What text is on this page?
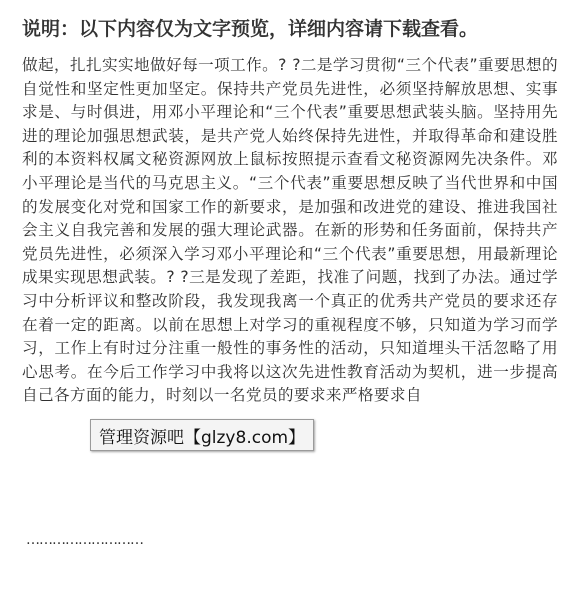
说明：以下内容仅为文字预览，详细内容请下载查看。
做起，扎扎实实地做好每一项工作。? ?二是学习贯彻“三个代表”重要思想的自觉性和坚定性更加坚定。保持共产党员先进性，必须坚持解放思想、实事求是、与时俱进，用邓小平理论和“三个代表”重要思想武装头脑。坚持用先进的理论加强思想武装，是共产党人始终保持先进性，并取得革命和建设胜利的本资料权属文秘资源网放上鼠标按照提示查看文秘资源网先决条件。邓小平理论是当代的马克思主义。“三个代表”重要思想反映了当代世界和中国的发展变化对党和国家工作的新要求，是加强和改进党的建设、推进我国社会主义自我完善和发展的强大理论武器。在新的形势和任务面前，保持共产党员先进性，必须深入学习邓小平理论和“三个代表”重要思想，用最新理论成果实现思想武装。? ?三是发现了差距，找准了问题，找到了办法。通过学习中分析评议和整改阶段，我发现我离一个真正的优秀共产党员的要求还存在着一定的距离。以前在思想上对学习的重视程度不够，只知道为学习而学习，工作上有时过分注重一般性的事务性的活动，只知道埋头干活忽略了用心思考。在今后工作学习中我将以这次先进性教育活动为契机，进一步提高自己各方面的能力，时刻以一名党员的要求来严格要求自
………………………
管理资源吧【glzy8.com】
